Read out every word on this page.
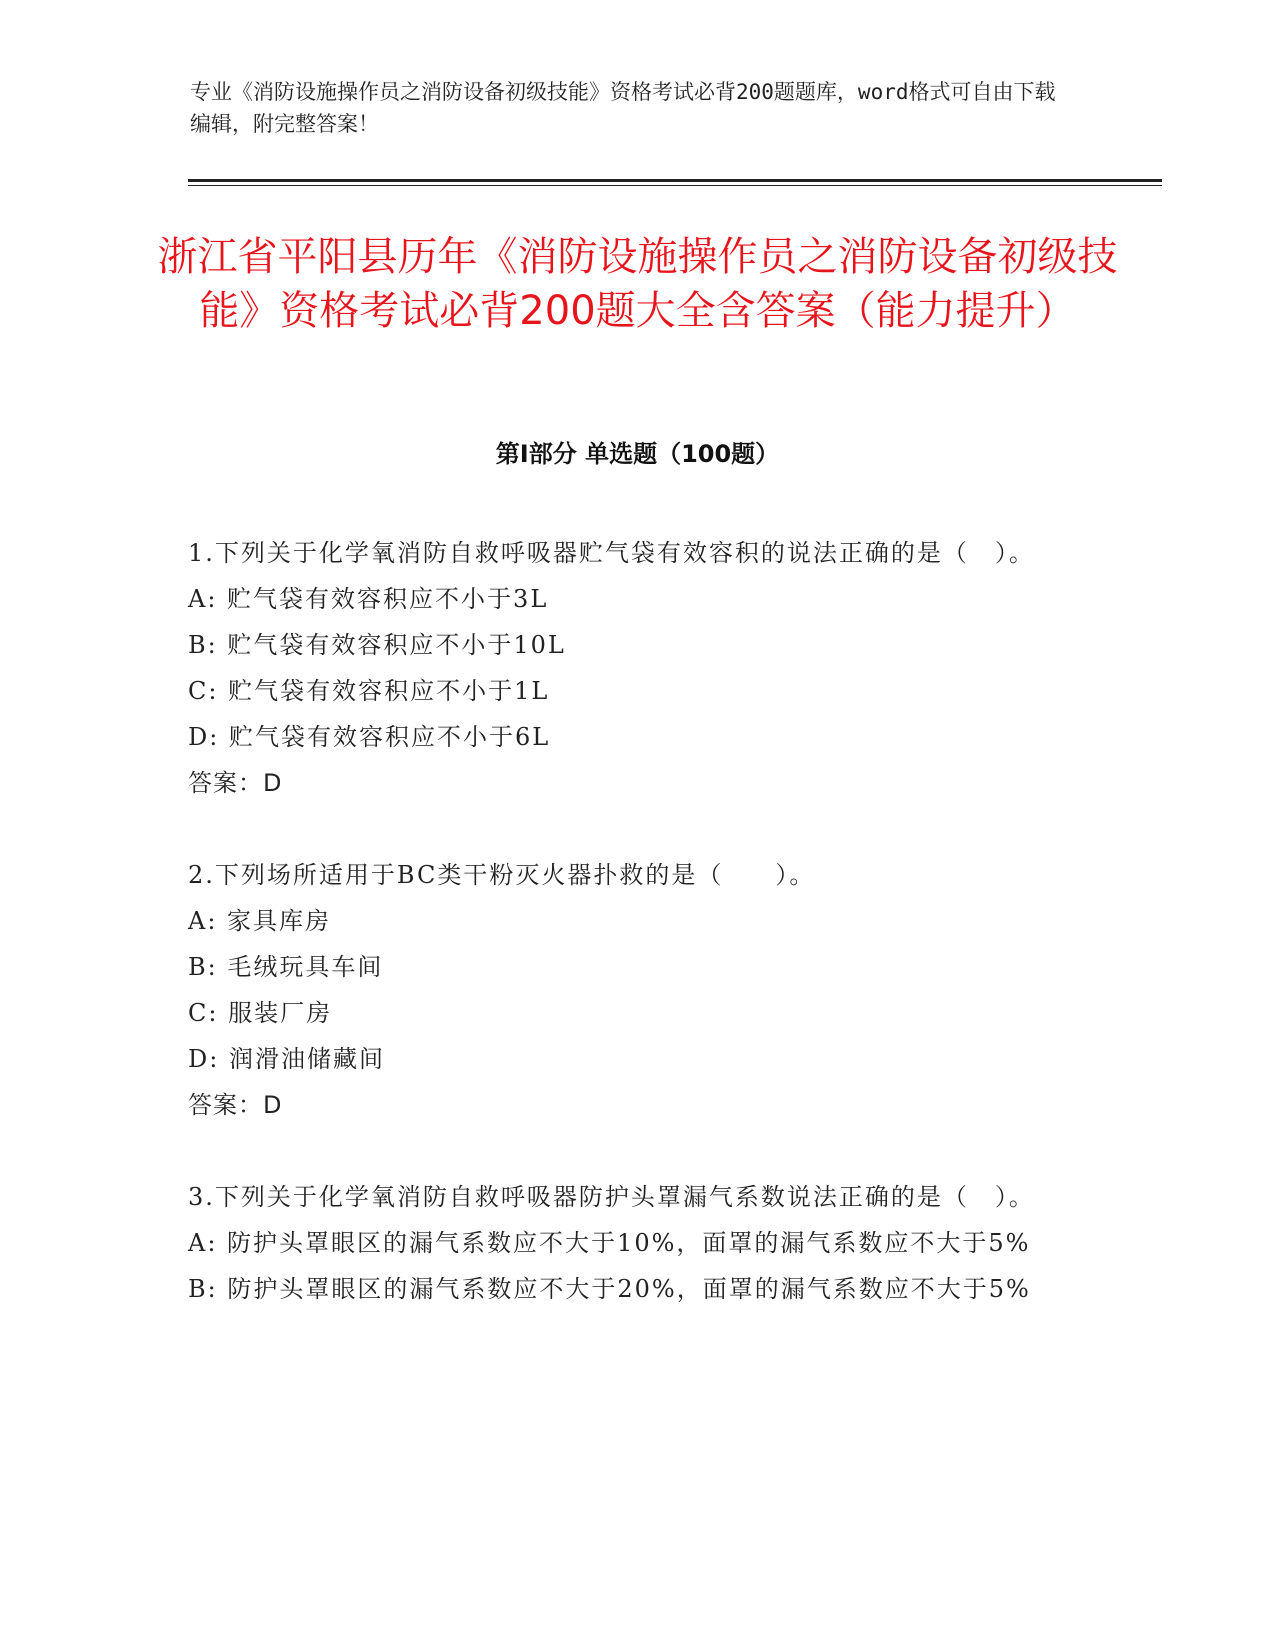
专业《消防设施操作员之消防设备初级技能》资格考试必背200题题库，word格式可自由下载编辑，附完整答案！
浙江省平阳县历年《消防设施操作员之消防设备初级技能》资格考试必背200题大全含答案（能力提升）
第Ⅰ部分 单选题（100题）

1.下列关于化学氧消防自救呼吸器贮气袋有效容积的说法正确的是（　）。

A: 贮气袋有效容积应不小于3L

B: 贮气袋有效容积应不小于10L

C: 贮气袋有效容积应不小于1L

D: 贮气袋有效容积应不小于6L

答案：D

2.下列场所适用于BC类干粉灭火器扑救的是（　　）。

A: 家具库房

B: 毛绒玩具车间

C: 服装厂房

D: 润滑油储藏间

答案：D

3.下列关于化学氧消防自救呼吸器防护头罩漏气系数说法正确的是（　）。

A: 防护头罩眼区的漏气系数应不大于10%，面罩的漏气系数应不大于5%

B: 防护头罩眼区的漏气系数应不大于20%，面罩的漏气系数应不大于5%
